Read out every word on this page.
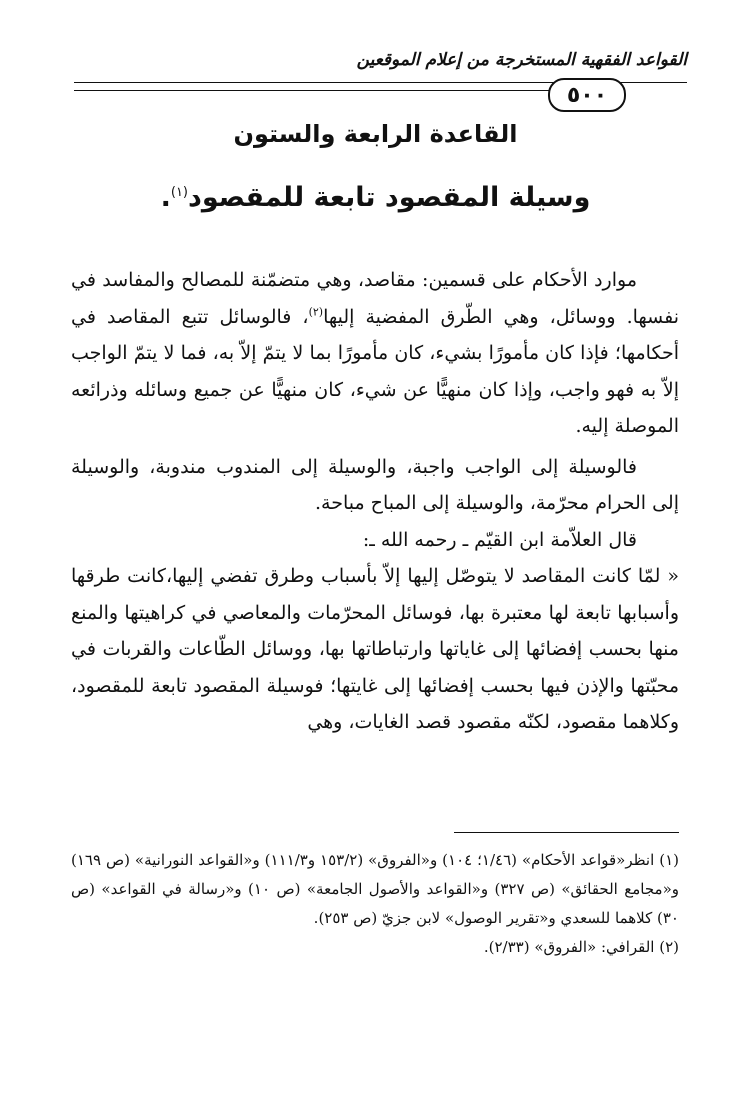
القواعد الفقهية المستخرجة من إعلام الموقعين
٥٠٠
القاعدة الرابعة والستون
وسيلة المقصود تابعة للمقصود$^{(١)}$.

موارد الأحكام على قسمين: مقاصد، وهي متضمّنة للمصالح والمفاسد في نفسها. ووسائل، وهي الطّرق المفضية إليها$^{(٢)}$، فالوسائل تتبع المقاصد في أحكامها؛ فإذا كان مأمورًا بشيء، كان مأمورًا بما لا يتمّ إلاّ به، فما لا يتمّ الواجب إلاّ به فهو واجب، وإذا كان منهيًّا عن شيء، كان منهيًّا عن جميع وسائله وذرائعه الموصلة إليه.

فالوسيلة إلى الواجب واجبة، والوسيلة إلى المندوب مندوبة، والوسيلة إلى الحرام محرّمة، والوسيلة إلى المباح مباحة.

قال العلاّمة ابن القيّم ـ رحمه الله ـ:

« لمّا كانت المقاصد لا يتوصّل إليها إلاّ بأسباب وطرق تفضي إليها،كانت طرقها وأسبابها تابعة لها معتبرة بها، فوسائل المحرّمات والمعاصي في كراهيتها والمنع منها بحسب إفضائها إلى غاياتها وارتباطاتها بها، ووسائل الطّاعات والقربات في محبّتها والإذن فيها بحسب إفضائها إلى غايتها؛ فوسيلة المقصود تابعة للمقصود، وكلاهما مقصود، لكنّه مقصود قصد الغايات، وهي

(١) انظر«قواعد الأحكام» (١/٤٦؛ ١٠٤) و«الفروق» (١٥٣/٢ و١١١/٣) و«القواعد النورانية» (ص ١٦٩) و«مجامع الحقائق» (ص ٣٢٧) و«القواعد والأصول الجامعة» (ص ١٠) و«رسالة في القواعد» (ص ٣٠) كلاهما للسعدي و«تقرير الوصول» لابن جزيّ (ص ٢٥٣).

(٢) القرافي: «الفروق» (٢/٣٣).
